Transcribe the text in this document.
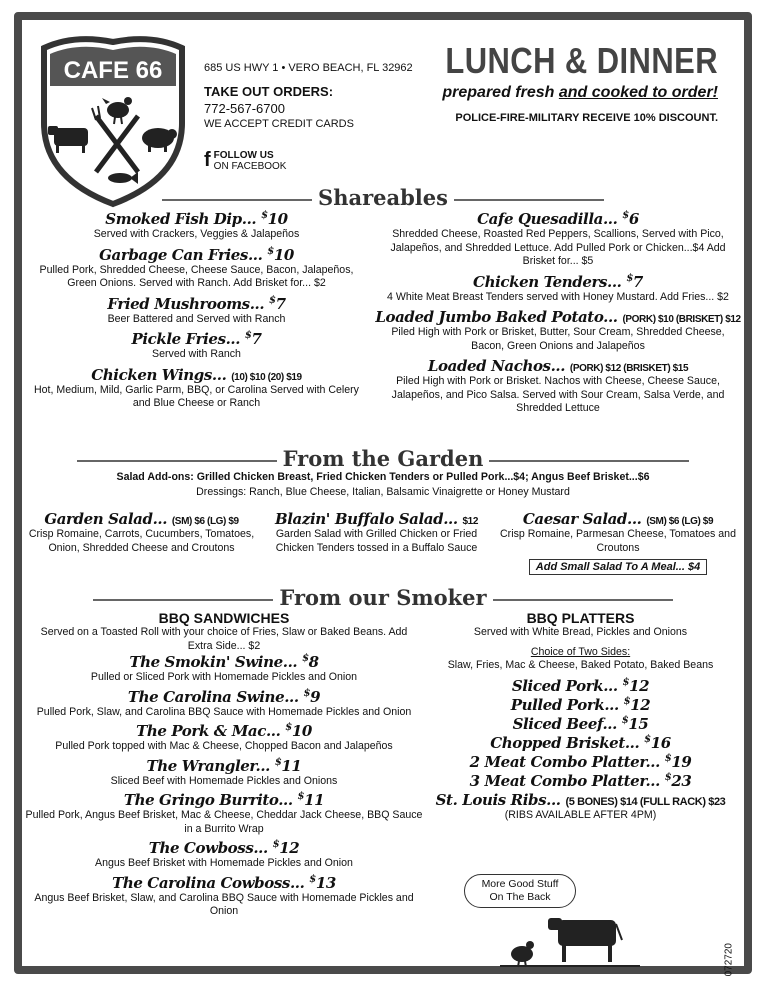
CAFE 66	685 US HWY 1 • VERO BEACH, FL 32962

TAKE OUT ORDERS:

772-567-6700

WE ACCEPT CREDIT CARDS

f FOLLOW US
ON FACEBOOK
LUNCH & DINNER
prepared fresh and cooked to order!
POLICE-FIRE-MILITARY RECEIVE 10% DISCOUNT.
Shareables
Smoked Fish Dip... $10
Served with Crackers, Veggies & Jalapeños
Garbage Can Fries... $10
Pulled Pork, Shredded Cheese, Cheese Sauce, Bacon, Jalapeños, Green Onions. Served with Ranch. Add Brisket for... $2
Fried Mushrooms... $7
Beer Battered and Served with Ranch
Pickle Fries... $7
Served with Ranch
Chicken Wings... (10) $10 (20) $19
Hot, Medium, Mild, Garlic Parm, BBQ, or Carolina Served with Celery and Blue Cheese or Ranch
Cafe Quesadilla... $6
Shredded Cheese, Roasted Red Peppers, Scallions, Served with Pico, Jalapeños, and Shredded Lettuce. Add Pulled Pork or Chicken...$4 Add Brisket for... $5
Chicken Tenders... $7
4 White Meat Breast Tenders served with Honey Mustard. Add Fries... $2
Loaded Jumbo Baked Potato... (PORK) $10 (BRISKET) $12
Piled High with Pork or Brisket, Butter, Sour Cream, Shredded Cheese, Bacon, Green Onions and Jalapeños
Loaded Nachos... (PORK) $12 (BRISKET) $15
Piled High with Pork or Brisket. Nachos with Cheese, Cheese Sauce, Jalapeños, and Pico Salsa. Served with Sour Cream, Salsa Verde, and Shredded Lettuce
From the Garden
Salad Add-ons: Grilled Chicken Breast, Fried Chicken Tenders or Pulled Pork...$4; Angus Beef Brisket...$6
Dressings: Ranch, Blue Cheese, Italian, Balsamic Vinaigrette or Honey Mustard
Garden Salad... (SM) $6 (LG) $9
Crisp Romaine, Carrots, Cucumbers, Tomatoes, Onion, Shredded Cheese and Croutons
Blazin' Buffalo Salad... $12
Garden Salad with Grilled Chicken or Fried Chicken Tenders tossed in a Buffalo Sauce
Caesar Salad... (SM) $6 (LG) $9
Crisp Romaine, Parmesan Cheese, Tomatoes and Croutons
Add Small Salad To A Meal... $4
From our Smoker

BBQ SANDWICHES

Served on a Toasted Roll with your choice of Fries, Slaw or Baked Beans. Add Extra Side... $2
The Smokin' Swine... $8
Pulled or Sliced Pork with Homemade Pickles and Onion
The Carolina Swine... $9
Pulled Pork, Slaw, and Carolina BBQ Sauce with Homemade Pickles and Onion
The Pork & Mac... $10
Pulled Pork topped with Mac & Cheese, Chopped Bacon and Jalapeños
The Wrangler... $11
Sliced Beef with Homemade Pickles and Onions
The Gringo Burrito... $11
Pulled Pork, Angus Beef Brisket, Mac & Cheese, Cheddar Jack Cheese, BBQ Sauce in a Burrito Wrap
The Cowboss... $12
Angus Beef Brisket with Homemade Pickles and Onion
The Carolina Cowboss... $13
Angus Beef Brisket, Slaw, and Carolina BBQ Sauce with Homemade Pickles and Onion

BBQ PLATTERS

Served with White Bread, Pickles and Onions
Choice of Two Sides:
Slaw, Fries, Mac & Cheese, Baked Potato, Baked Beans
Sliced Pork... $12
Pulled Pork... $12
Sliced Beef... $15
Chopped Brisket... $16
2 Meat Combo Platter... $19
3 Meat Combo Platter... $23
St. Louis Ribs... (5 BONES) $14 (FULL RACK) $23
(RIBS AVAILABLE AFTER 4PM)
More Good Stuff
On The Back
072720
